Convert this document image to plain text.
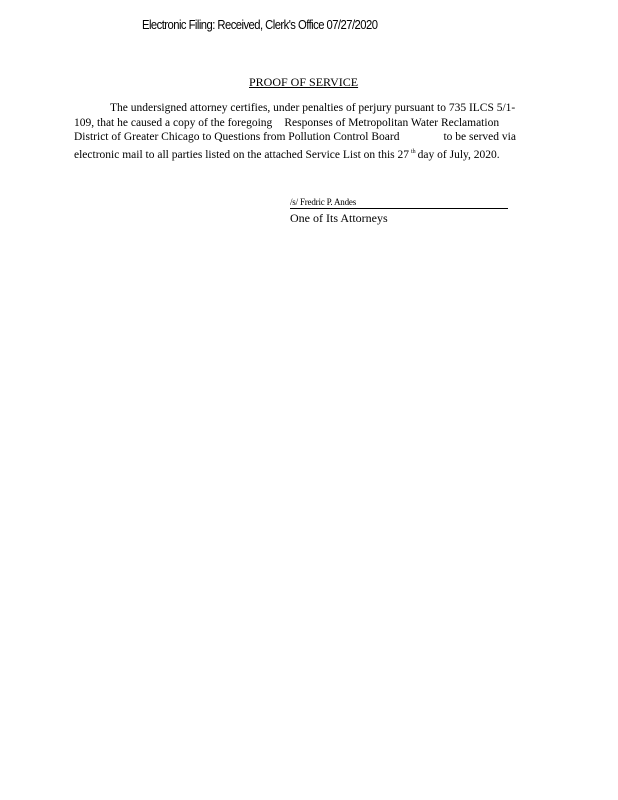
Electronic Filing: Received, Clerk's Office 07/27/2020
PROOF OF SERVICE
The undersigned attorney certifies, under penalties of perjury pursuant to 735 ILCS 5/1-
109, that he caused a copy of the foregoing Responses of Metropolitan Water Reclamation
District of Greater Chicago to Questions from Pollution Control Board	to be served via
electronic mail to all parties listed on the attached Service List on this 27 $^{th}$ day of July, 2020.
/s/ Fredric P. Andes
One of Its Attorneys
